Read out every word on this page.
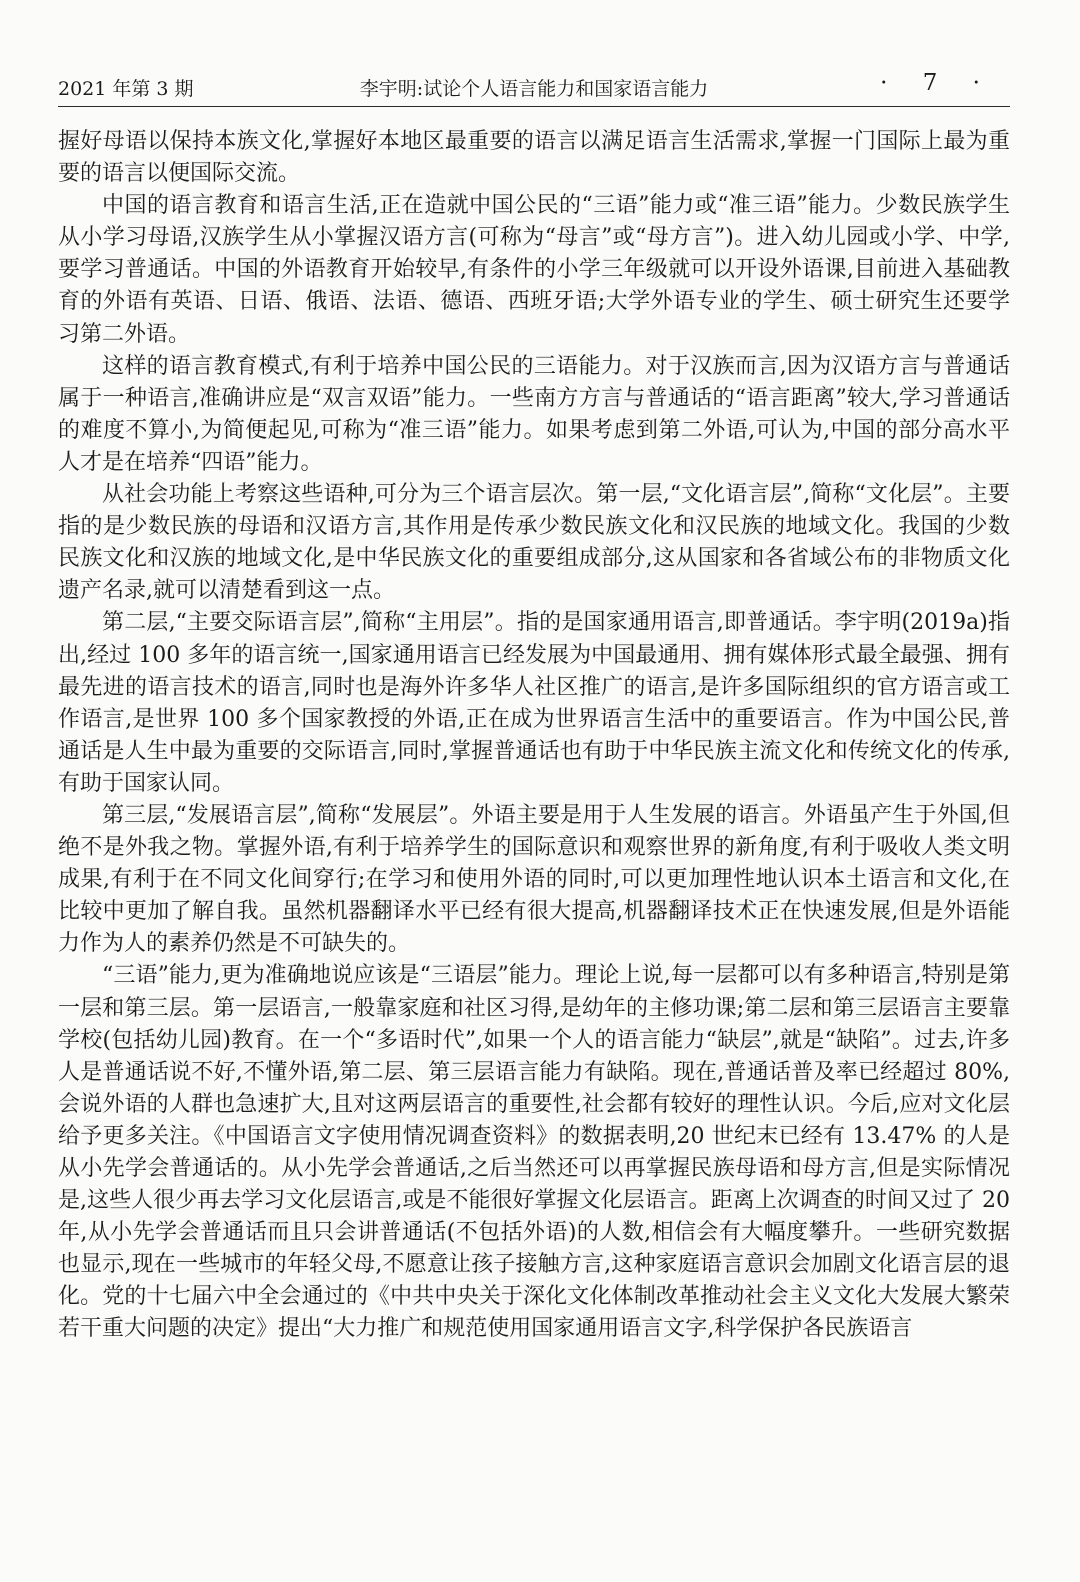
2021 年第 3 期	李宇明:试论个人语言能力和国家语言能力	· 7 ·

握好母语以保持本族文化,掌握好本地区最重要的语言以满足语言生活需求,掌握一门国际上最为重要的语言以便国际交流。

中国的语言教育和语言生活,正在造就中国公民的“三语”能力或“准三语”能力。少数民族学生从小学习母语,汉族学生从小掌握汉语方言(可称为“母言”或“母方言”)。进入幼儿园或小学、中学,要学习普通话。中国的外语教育开始较早,有条件的小学三年级就可以开设外语课,目前进入基础教育的外语有英语、日语、俄语、法语、德语、西班牙语;大学外语专业的学生、硕士研究生还要学习第二外语。

这样的语言教育模式,有利于培养中国公民的三语能力。对于汉族而言,因为汉语方言与普通话属于一种语言,准确讲应是“双言双语”能力。一些南方方言与普通话的“语言距离”较大,学习普通话的难度不算小,为简便起见,可称为“准三语”能力。如果考虑到第二外语,可认为,中国的部分高水平人才是在培养“四语”能力。

从社会功能上考察这些语种,可分为三个语言层次。第一层,“文化语言层”,简称“文化层”。主要指的是少数民族的母语和汉语方言,其作用是传承少数民族文化和汉民族的地域文化。我国的少数民族文化和汉族的地域文化,是中华民族文化的重要组成部分,这从国家和各省域公布的非物质文化遗产名录,就可以清楚看到这一点。

第二层,“主要交际语言层”,简称“主用层”。指的是国家通用语言,即普通话。李宇明(2019a)指出,经过 100 多年的语言统一,国家通用语言已经发展为中国最通用、拥有媒体形式最全最强、拥有最先进的语言技术的语言,同时也是海外许多华人社区推广的语言,是许多国际组织的官方语言或工作语言,是世界 100 多个国家教授的外语,正在成为世界语言生活中的重要语言。作为中国公民,普通话是人生中最为重要的交际语言,同时,掌握普通话也有助于中华民族主流文化和传统文化的传承,有助于国家认同。

第三层,“发展语言层”,简称“发展层”。外语主要是用于人生发展的语言。外语虽产生于外国,但绝不是外我之物。掌握外语,有利于培养学生的国际意识和观察世界的新角度,有利于吸收人类文明成果,有利于在不同文化间穿行;在学习和使用外语的同时,可以更加理性地认识本土语言和文化,在比较中更加了解自我。虽然机器翻译水平已经有很大提高,机器翻译技术正在快速发展,但是外语能力作为人的素养仍然是不可缺失的。

“三语”能力,更为准确地说应该是“三语层”能力。理论上说,每一层都可以有多种语言,特别是第一层和第三层。第一层语言,一般靠家庭和社区习得,是幼年的主修功课;第二层和第三层语言主要靠学校(包括幼儿园)教育。在一个“多语时代”,如果一个人的语言能力“缺层”,就是“缺陷”。过去,许多人是普通话说不好,不懂外语,第二层、第三层语言能力有缺陷。现在,普通话普及率已经超过 80%,会说外语的人群也急速扩大,且对这两层语言的重要性,社会都有较好的理性认识。今后,应对文化层给予更多关注。《中国语言文字使用情况调查资料》的数据表明,20 世纪末已经有 13.47% 的人是从小先学会普通话的。从小先学会普通话,之后当然还可以再掌握民族母语和母方言,但是实际情况是,这些人很少再去学习文化层语言,或是不能很好掌握文化层语言。距离上次调查的时间又过了 20 年,从小先学会普通话而且只会讲普通话(不包括外语)的人数,相信会有大幅度攀升。一些研究数据也显示,现在一些城市的年轻父母,不愿意让孩子接触方言,这种家庭语言意识会加剧文化语言层的退化。党的十七届六中全会通过的《中共中央关于深化文化体制改革推动社会主义文化大发展大繁荣若干重大问题的决定》提出“大力推广和规范使用国家通用语言文字,科学保护各民族语言
